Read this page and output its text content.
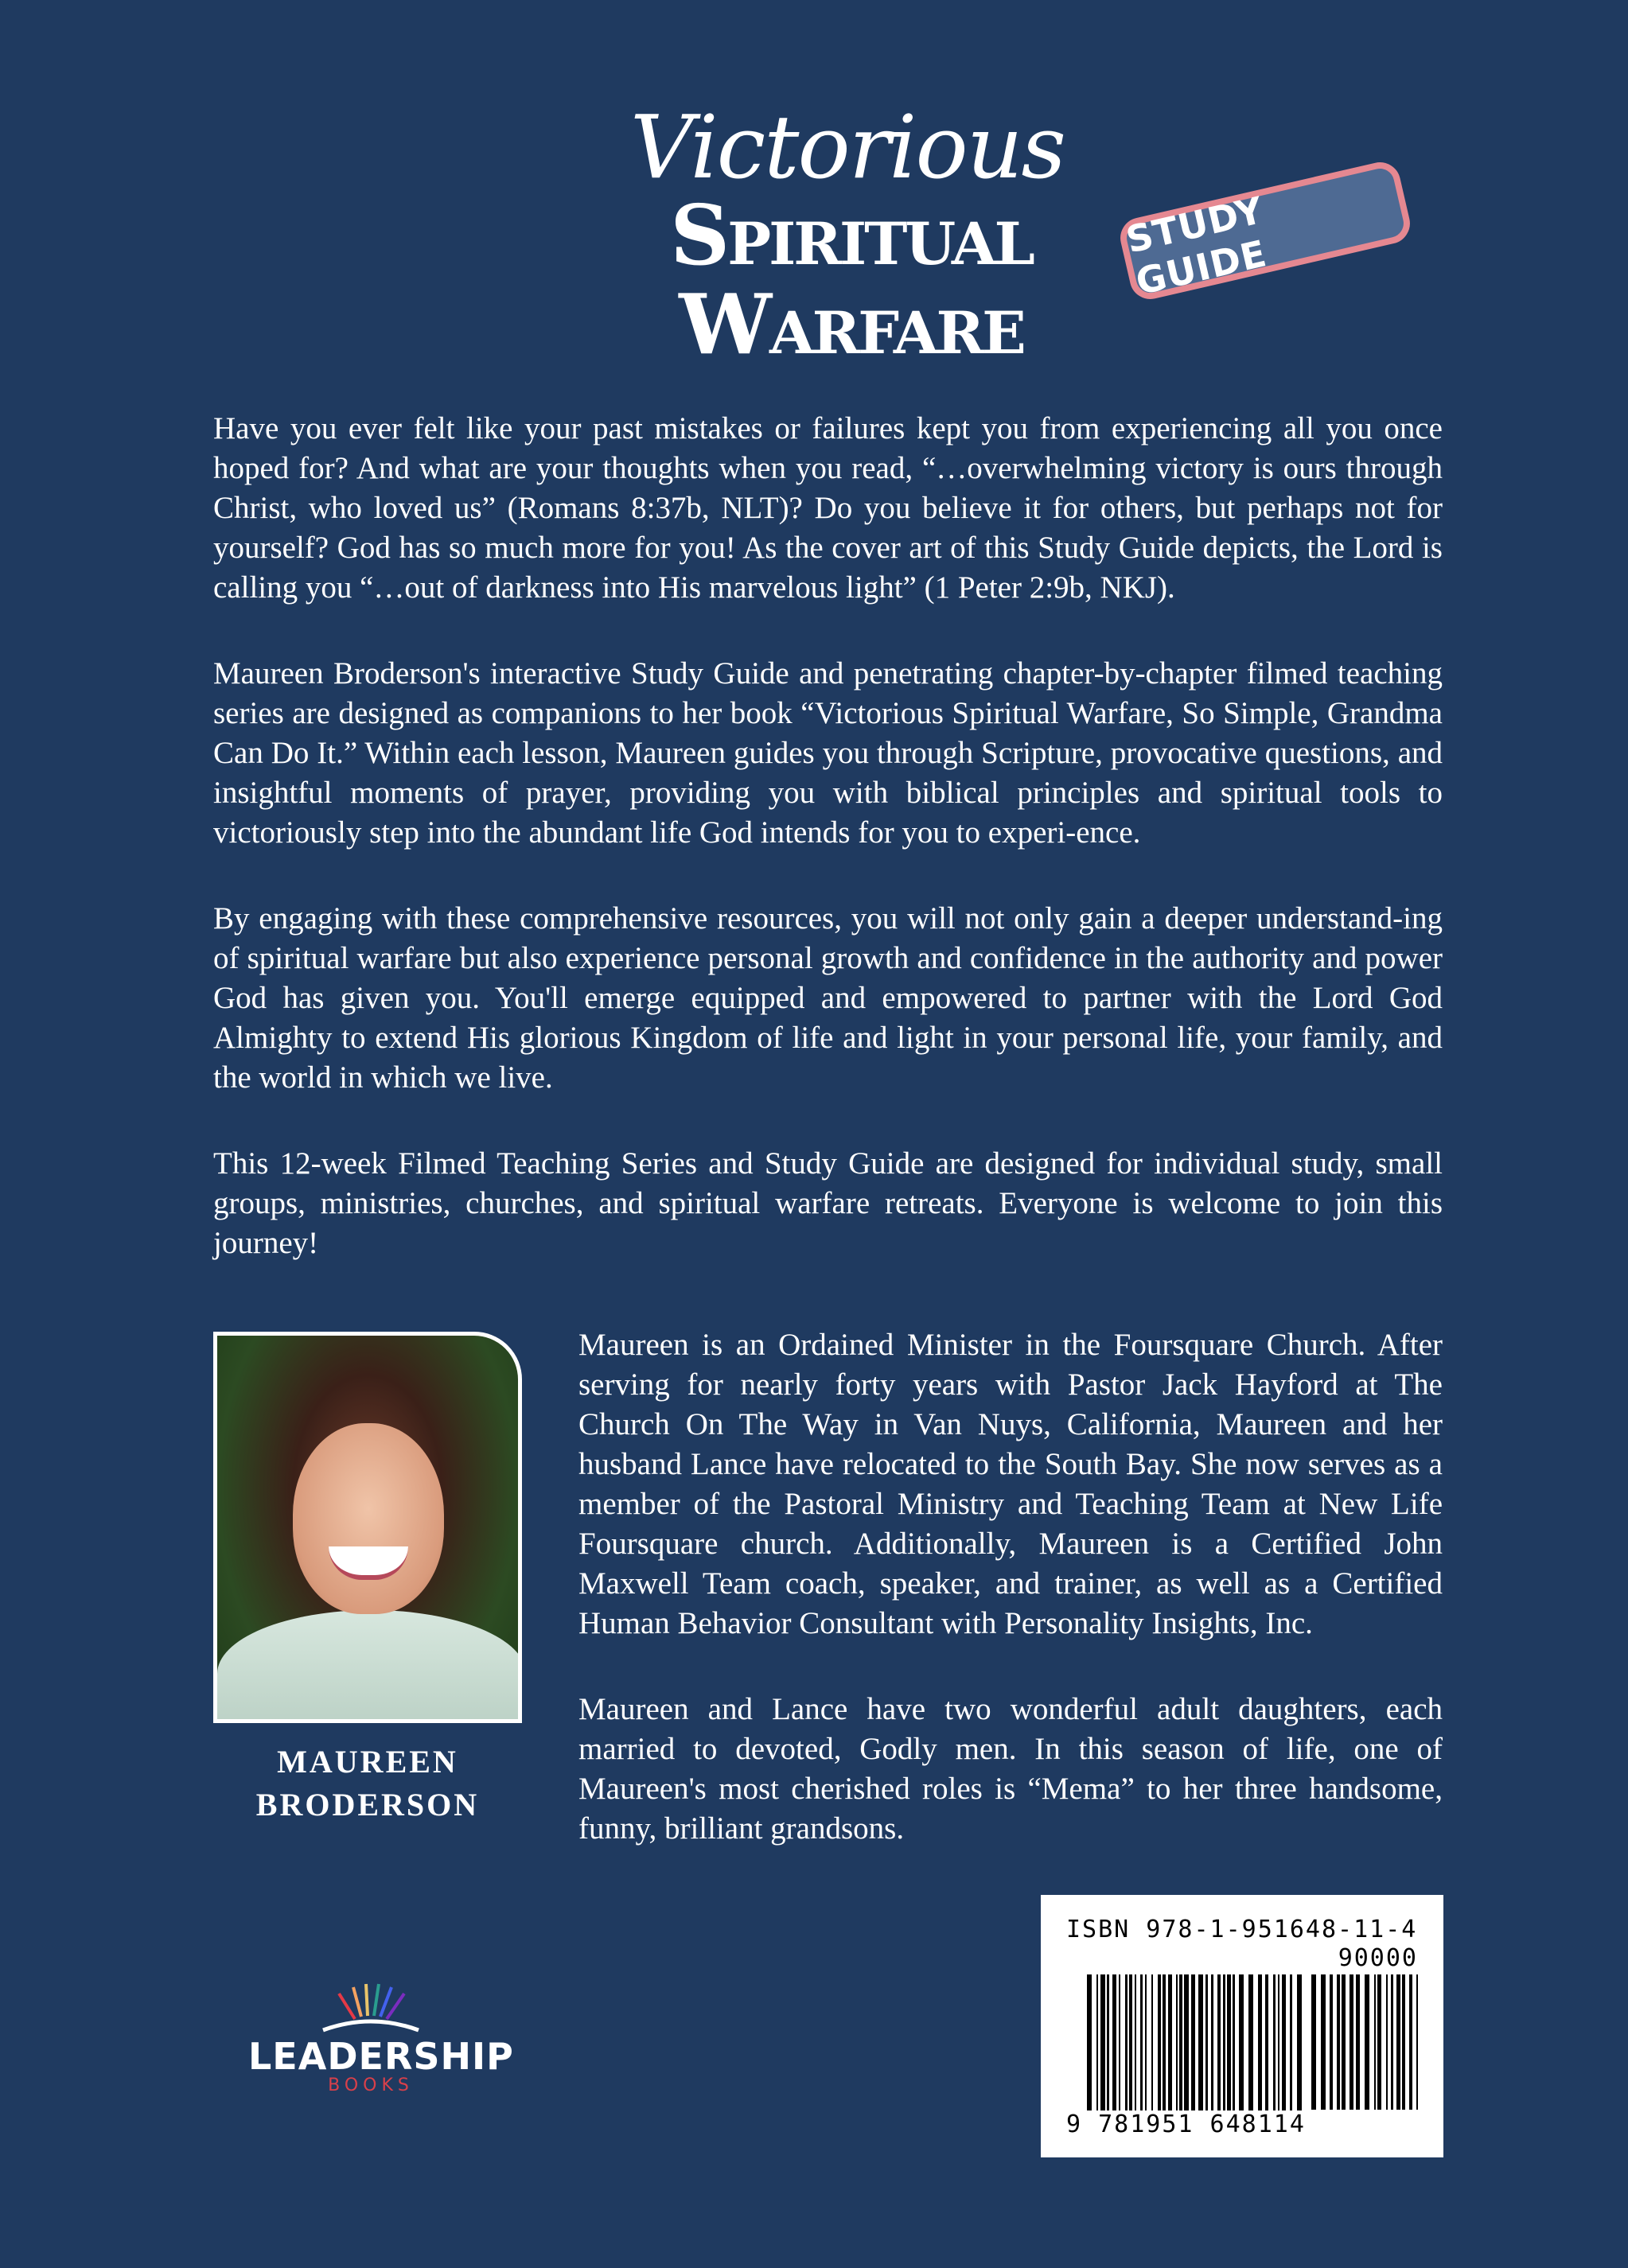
Victorious
Spiritual
Warfare
STUDY GUIDE

Have you ever felt like your past mistakes or failures kept you from experiencing all you once hoped for? And what are your thoughts when you read, “…overwhelming victory is ours through Christ, who loved us” (Romans 8:37b, NLT)? Do you believe it for others, but perhaps not for yourself? God has so much more for you! As the cover art of this Study Guide depicts, the Lord is calling you “…out of darkness into His marvelous light” (1 Peter 2:9b, NKJ).

Maureen Broderson's interactive Study Guide and penetrating chapter-by-chapter filmed teaching series are designed as companions to her book “Victorious Spiritual Warfare, So Simple, Grandma Can Do It.” Within each lesson, Maureen guides you through Scripture, provocative questions, and insightful moments of prayer, providing you with biblical principles and spiritual tools to victoriously step into the abundant life God intends for you to experi-ence.

By engaging with these comprehensive resources, you will not only gain a deeper understand-ing of spiritual warfare but also experience personal growth and confidence in the authority and power God has given you. You'll emerge equipped and empowered to partner with the Lord God Almighty to extend His glorious Kingdom of life and light in your personal life, your family, and the world in which we live.

This 12-week Filmed Teaching Series and Study Guide are designed for individual study, small groups, ministries, churches, and spiritual warfare retreats. Everyone is welcome to join this journey!

MAUREEN
BRODERSON

Maureen is an Ordained Minister in the Foursquare Church. After serving for nearly forty years with Pastor Jack Hayford at The Church On The Way in Van Nuys, California, Maureen and her husband Lance have relocated to the South Bay. She now serves as a member of the Pastoral Ministry and Teaching Team at New Life Foursquare church. Additionally, Maureen is a Certified John Maxwell Team coach, speaker, and trainer, as well as a Certified Human Behavior Consultant with Personality Insights, Inc.

Maureen and Lance have two wonderful adult daughters, each married to devoted, Godly men. In this season of life, one of Maureen's most cherished roles is “Mema” to her three handsome, funny, brilliant grandsons.

LEADERSHIP
BOOKS
ISBN 978-1-951648-11-4
90000
9 781951 648114
